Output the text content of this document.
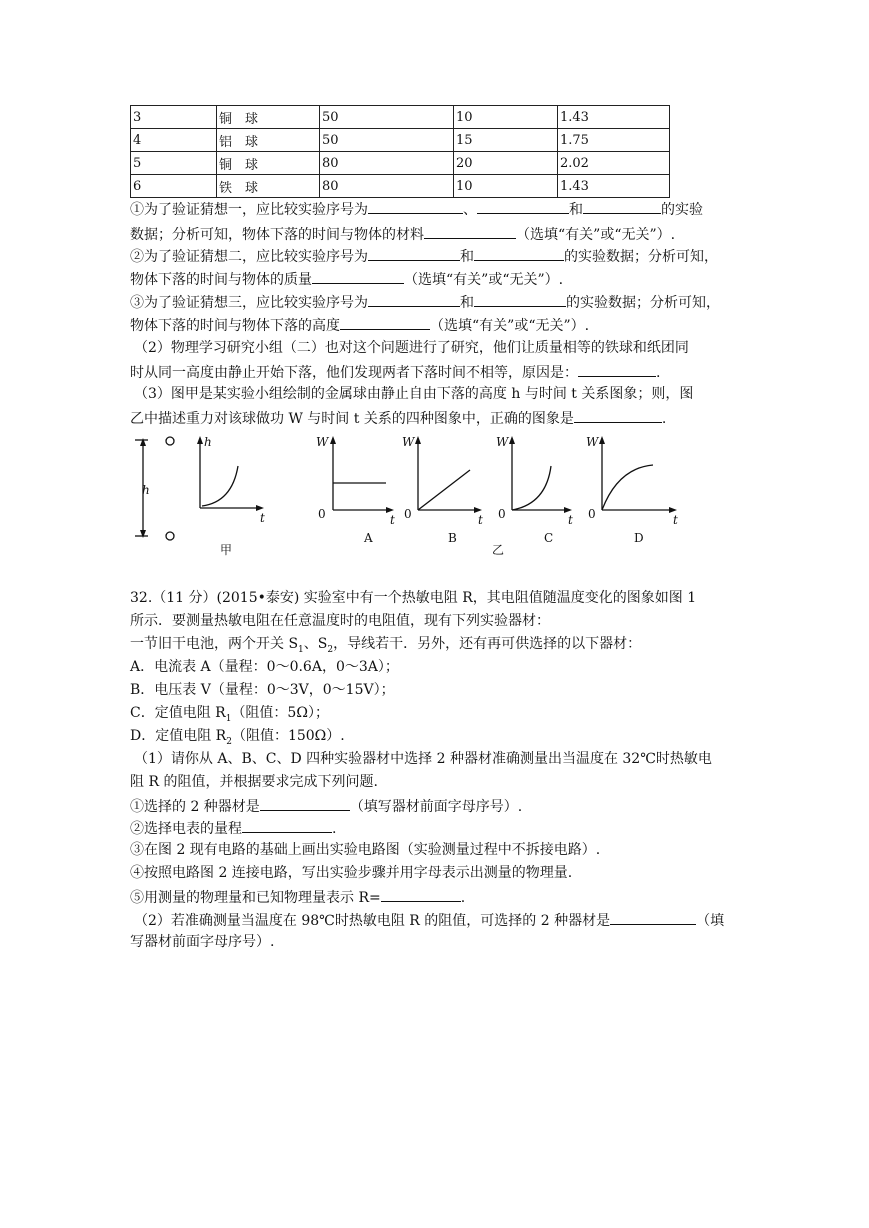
3	铜　球	50	10	1.43
4	铝　球	50	15	1.75
5	铜　球	80	20	2.02
6	铁　球	80	10	1.43
①为了验证猜想一，应比较实验序号为	、	和	的实验
数据；分析可知，物体下落的时间与物体的材料	（选填“有关”或“无关”）.
②为了验证猜想二，应比较实验序号为	和	的实验数据；分析可知，
物体下落的时间与物体的质量	（选填“有关”或“无关”）.
③为了验证猜想三，应比较实验序号为	和	的实验数据；分析可知，
物体下落的时间与物体下落的高度	（选填“有关”或“无关”）.
（2）物理学习研究小组（二）也对这个问题进行了研究，他们让质量相等的铁球和纸团同
时从同一高度由静止开始下落，他们发现两者下落时间不相等，原因是：	.
（3）图甲是某实验小组绘制的金属球由静止自由下落的高度 h 与时间 t 关系图象；则，图
乙中描述重力对该球做功 W 与时间 t 关系的四种图象中，正确的图象是	.
h
h
t
W
t
W
t
W
t
W
t
0	0	0	0
甲
A	B
乙
C	D
32.（11 分）(2015•泰安) 实验室中有一个热敏电阻 R，其电阻值随温度变化的图象如图 1
所示．要测量热敏电阻在任意温度时的电阻值，现有下列实验器材：
一节旧干电池，两个开关 $S_1$、$S_2$，导线若干．另外，还有再可供选择的以下器材：
A．电流表 A（量程：0～0.6A，0～3A）；
B．电压表 V（量程：0～3V，0～15V）；
C．定值电阻 $R_1$（阻值：5Ω）；
D．定值电阻 $R_2$（阻值：150Ω）.
（1）请你从 A、B、C、D 四种实验器材中选择 2 种器材准确测量出当温度在 32℃时热敏电
阻 R 的阻值，并根据要求完成下列问题.
①选择的 2 种器材是	（填写器材前面字母序号）.
②选择电表的量程	.
③在图 2 现有电路的基础上画出实验电路图（实验测量过程中不拆接电路）.
④按照电路图 2 连接电路，写出实验步骤并用字母表示出测量的物理量.
⑤用测量的物理量和已知物理量表示 R=	.
（2）若准确测量当温度在 98℃时热敏电阻 R 的阻值，可选择的 2 种器材是	（填
写器材前面字母序号）.
